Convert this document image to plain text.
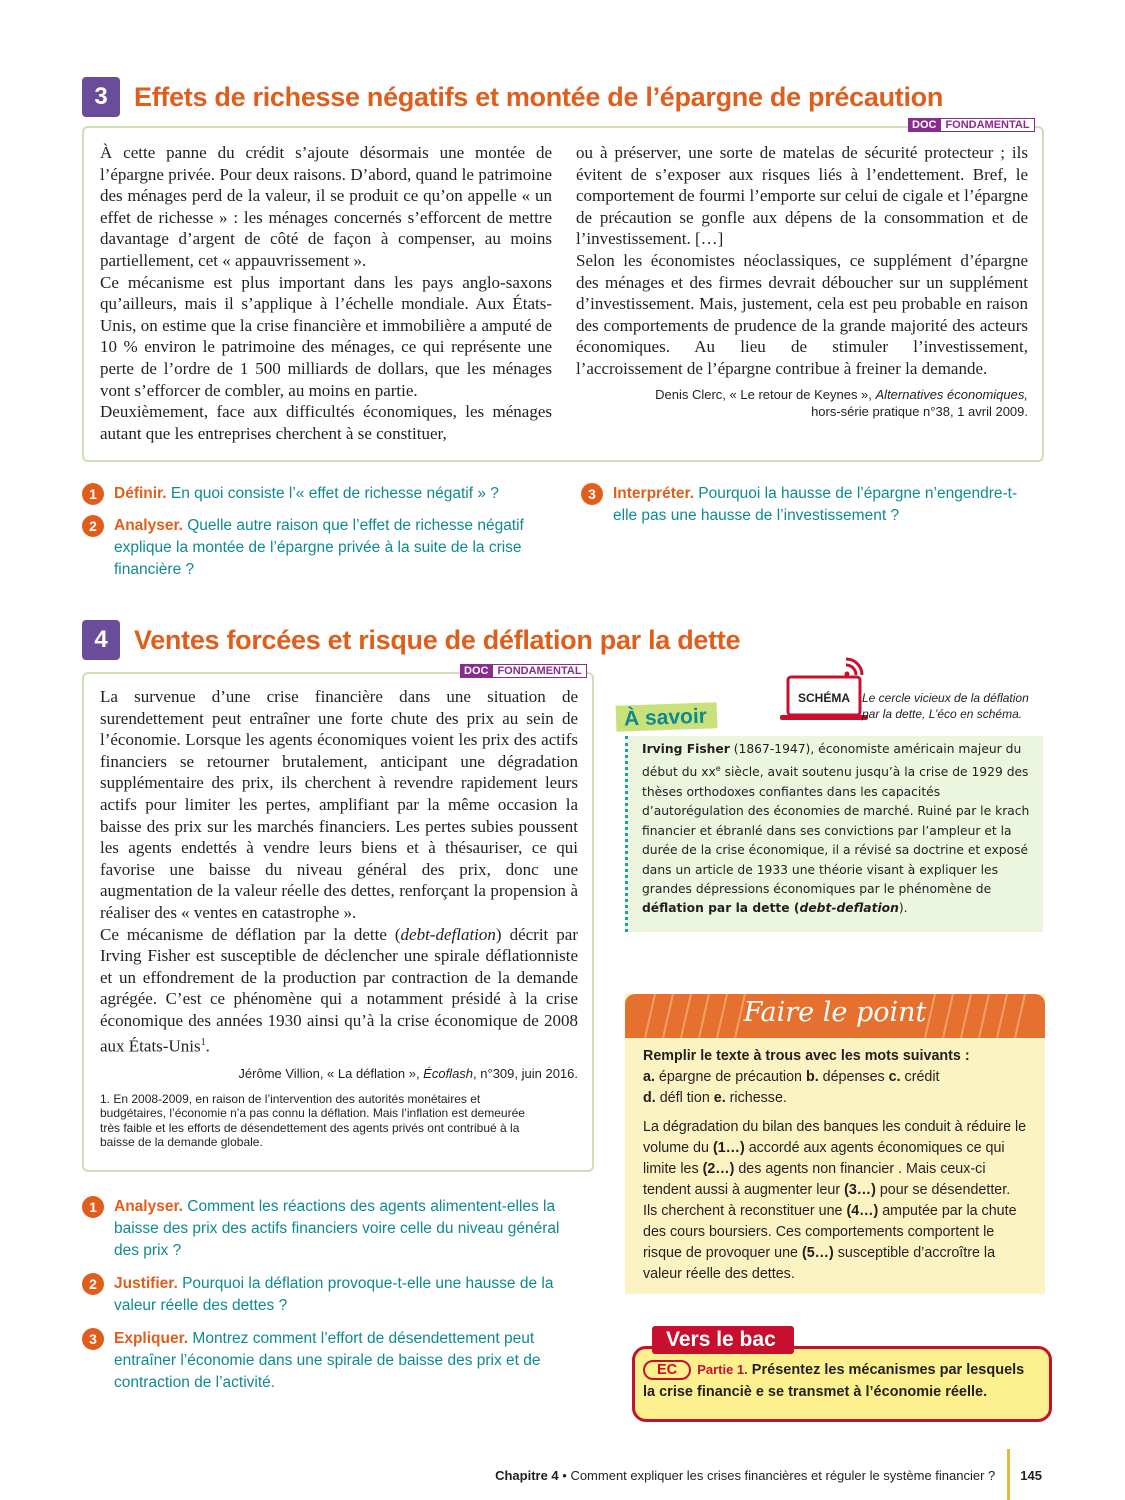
3 Effets de richesse négatifs et montée de l’épargne de précaution

À cette panne du crédit s’ajoute désormais une montée de l’épargne privée. Pour deux raisons. D’abord, quand le patrimoine des ménages perd de la valeur, il se produit ce qu’on appelle « un effet de richesse » : les ménages concernés s’efforcent de mettre davantage d’argent de côté de façon à compenser, au moins partiellement, cet « appauvrissement ».

Ce mécanisme est plus important dans les pays anglo-saxons qu’ailleurs, mais il s’applique à l’échelle mondiale. Aux États-Unis, on estime que la crise financière et immobilière a amputé de 10 % environ le patrimoine des ménages, ce qui représente une perte de l’ordre de 1 500 milliards de dollars, que les ménages vont s’efforcer de combler, au moins en partie.

Deuxièmement, face aux difficultés économiques, les ménages autant que les entreprises cherchent à se constituer,

ou à préserver, une sorte de matelas de sécurité protecteur ; ils évitent de s’exposer aux risques liés à l’endettement. Bref, le comportement de fourmi l’emporte sur celui de cigale et l’épargne de précaution se gonfle aux dépens de la consommation et de l’investissement. […]

Selon les économistes néoclassiques, ce supplément d’épargne des ménages et des firmes devrait déboucher sur un supplément d’investissement. Mais, justement, cela est peu probable en raison des comportements de prudence de la grande majorité des acteurs économiques. Au lieu de stimuler l’investissement, l’accroissement de l’épargne contribue à freiner la demande.

Denis Clerc, « Le retour de Keynes », Alternatives économiques,
hors-série pratique n°38, 1 avril 2009.
DOC FONDAMENTAL
1	Définir. En quoi consiste l’« effet de richesse négatif » ?
2	Analyser. Quelle autre raison que l’effet de richesse négatif explique la montée de l’épargne privée à la suite de la crise financière ?
3	Interpréter. Pourquoi la hausse de l’épargne n’engendre-t-elle pas une hausse de l’investissement ?
4 Ventes forcées et risque de déflation par la dette

La survenue d’une crise financière dans une situation de surendettement peut entraîner une forte chute des prix au sein de l’économie. Lorsque les agents économiques voient les prix des actifs financiers se retourner brutalement, anticipant une dégradation supplémentaire des prix, ils cherchent à revendre rapidement leurs actifs pour limiter les pertes, amplifiant par la même occasion la baisse des prix sur les marchés financiers. Les pertes subies poussent les agents endettés à vendre leurs biens et à thésauriser, ce qui favorise une baisse du niveau général des prix, donc une augmentation de la valeur réelle des dettes, renforçant la propension à réaliser des « ventes en catastrophe ».

Ce mécanisme de déflation par la dette (debt-deflation) décrit par Irving Fisher est susceptible de déclencher une spirale déflationniste et un effondrement de la production par contraction de la demande agrégée. C’est ce phénomène qui a notamment présidé à la crise économique des années 1930 ainsi qu’à la crise économique de 2008 aux États-Unis$^1$.

Jérôme Villion, « La déflation », Écoflash, n°309, juin 2016.

1. En 2008-2009, en raison de l’intervention des autorités monétaires et budgétaires, l’économie n’a pas connu la déflation. Mais l’inflation est demeurée très faible et les efforts de désendettement des agents privés ont contribué à la baisse de la demande globale.

DOC FONDAMENTAL
1	Analyser. Comment les réactions des agents alimentent-elles la baisse des prix des actifs financiers voire celle du niveau général des prix ?
2	Justifier. Pourquoi la déflation provoque-t-elle une hausse de la valeur réelle des dettes ?
3	Expliquer. Montrez comment l’effort de désendettement peut entraîner l’économie dans une spirale de baisse des prix et de contraction de l’activité.
SCHÉMA	Le cercle vicieux de la déflation par la dette, L’éco en schéma.
Irving Fisher (1867-1947), économiste américain majeur du début du $xx^e$ siècle, avait soutenu jusqu’à la crise de 1929 des thèses orthodoxes confiantes dans les capacités d’autorégulation des économies de marché. Ruiné par le krach financier et ébranlé dans ses convictions par l’ampleur et la durée de la crise économique, il a révisé sa doctrine et exposé dans un article de 1933 une théorie visant à expliquer les grandes dépressions économiques par le phénomène de déflation par la dette (debt-deflation).
À savoir
Faire le point

Remplir le texte à trous avec les mots suivants :

a. épargne de précaution b. dépenses c. crédit

d. défl tion e. richesse.

La dégradation du bilan des banques les conduit à réduire le volume du (1…) accordé aux agents économiques ce qui limite les (2…) des agents non financier . Mais ceux-ci tendent aussi à augmenter leur (3…) pour se désendetter. Ils cherchent à reconstituer une (4…) amputée par la chute des cours boursiers. Ces comportements comportent le risque de provoquer une (5…) susceptible d’accroître la valeur réelle des dettes.

EC Partie 1. Présentez les mécanismes par lesquels la crise financiè e se transmet à l’économie réelle.
Vers le bac
Chapitre 4 • Comment expliquer les crises financières et réguler le système financier ? 145
